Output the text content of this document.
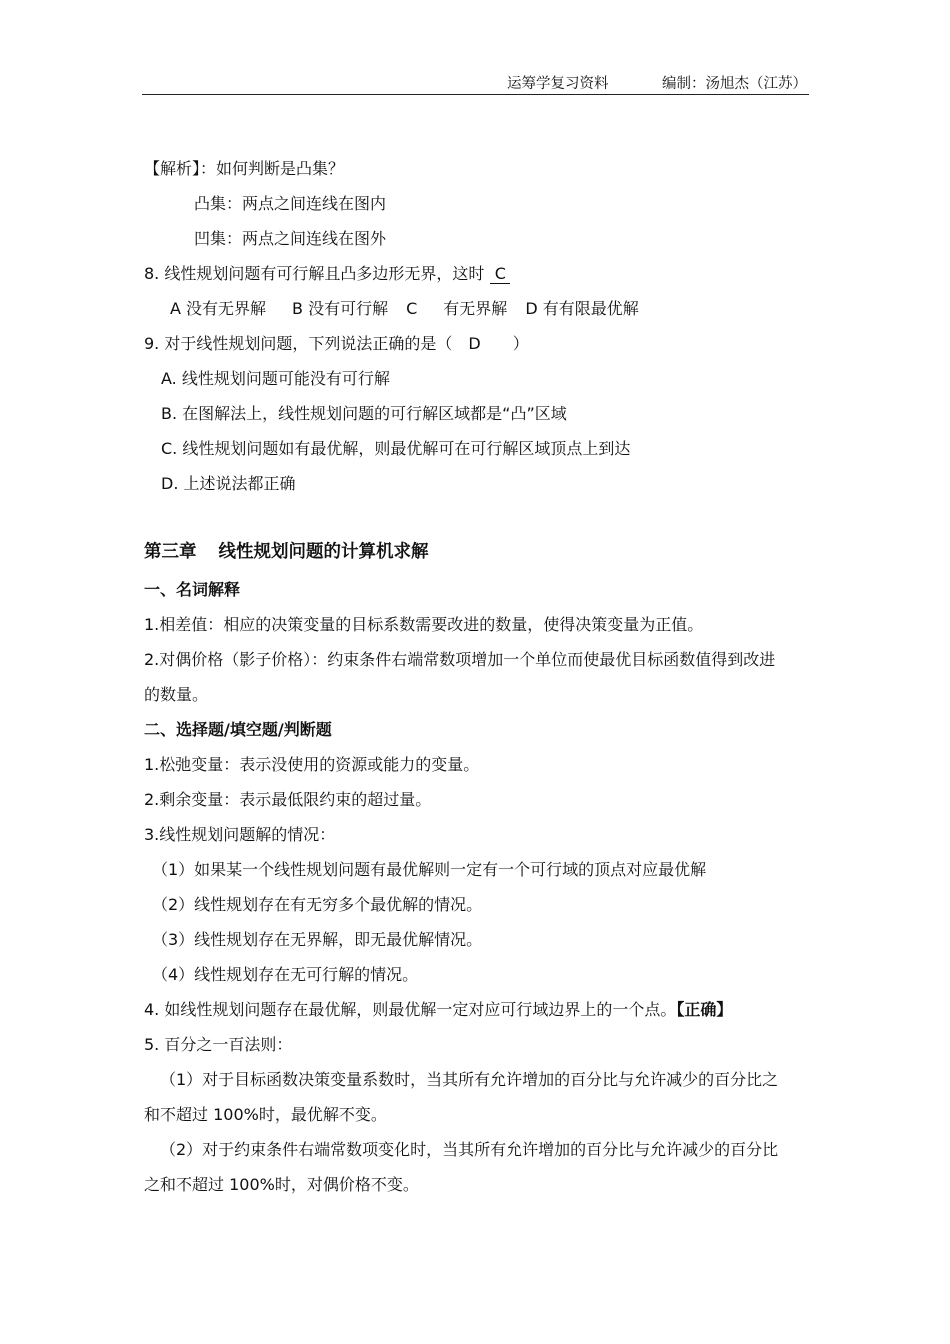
运筹学复习资料	编制：汤旭杰（江苏）
【解析】：如何判断是凸集？
凸集：两点之间连线在图内
凹集：两点之间连线在图外
8. 线性规划问题有可行解且凸多边形无界，这时 C
A 没有无界解 B 没有可行解 C 有无界解 D 有有限最优解
9. 对于线性规划问题，下列说法正确的是（ D ）
A. 线性规划问题可能没有可行解
B. 在图解法上，线性规划问题的可行解区域都是“凸”区域
C. 线性规划问题如有最优解，则最优解可在可行解区域顶点上到达
D. 上述说法都正确
第三章 线性规划问题的计算机求解
一、名词解释
1.相差值：相应的决策变量的目标系数需要改进的数量，使得决策变量为正值。
2.对偶价格（影子价格）：约束条件右端常数项增加一个单位而使最优目标函数值得到改进
的数量。
二、选择题/填空题/判断题
1.松弛变量：表示没使用的资源或能力的变量。
2.剩余变量：表示最低限约束的超过量。
3.线性规划问题解的情况：
（1）如果某一个线性规划问题有最优解则一定有一个可行域的顶点对应最优解
（2）线性规划存在有无穷多个最优解的情况。
（3）线性规划存在无界解，即无最优解情况。
（4）线性规划存在无可行解的情况。
4. 如线性规划问题存在最优解，则最优解一定对应可行域边界上的一个点。【正确】
5. 百分之一百法则：
（1）对于目标函数决策变量系数时，当其所有允许增加的百分比与允许减少的百分比之
和不超过 100%时，最优解不变。
（2）对于约束条件右端常数项变化时，当其所有允许增加的百分比与允许减少的百分比
之和不超过 100%时，对偶价格不变。
